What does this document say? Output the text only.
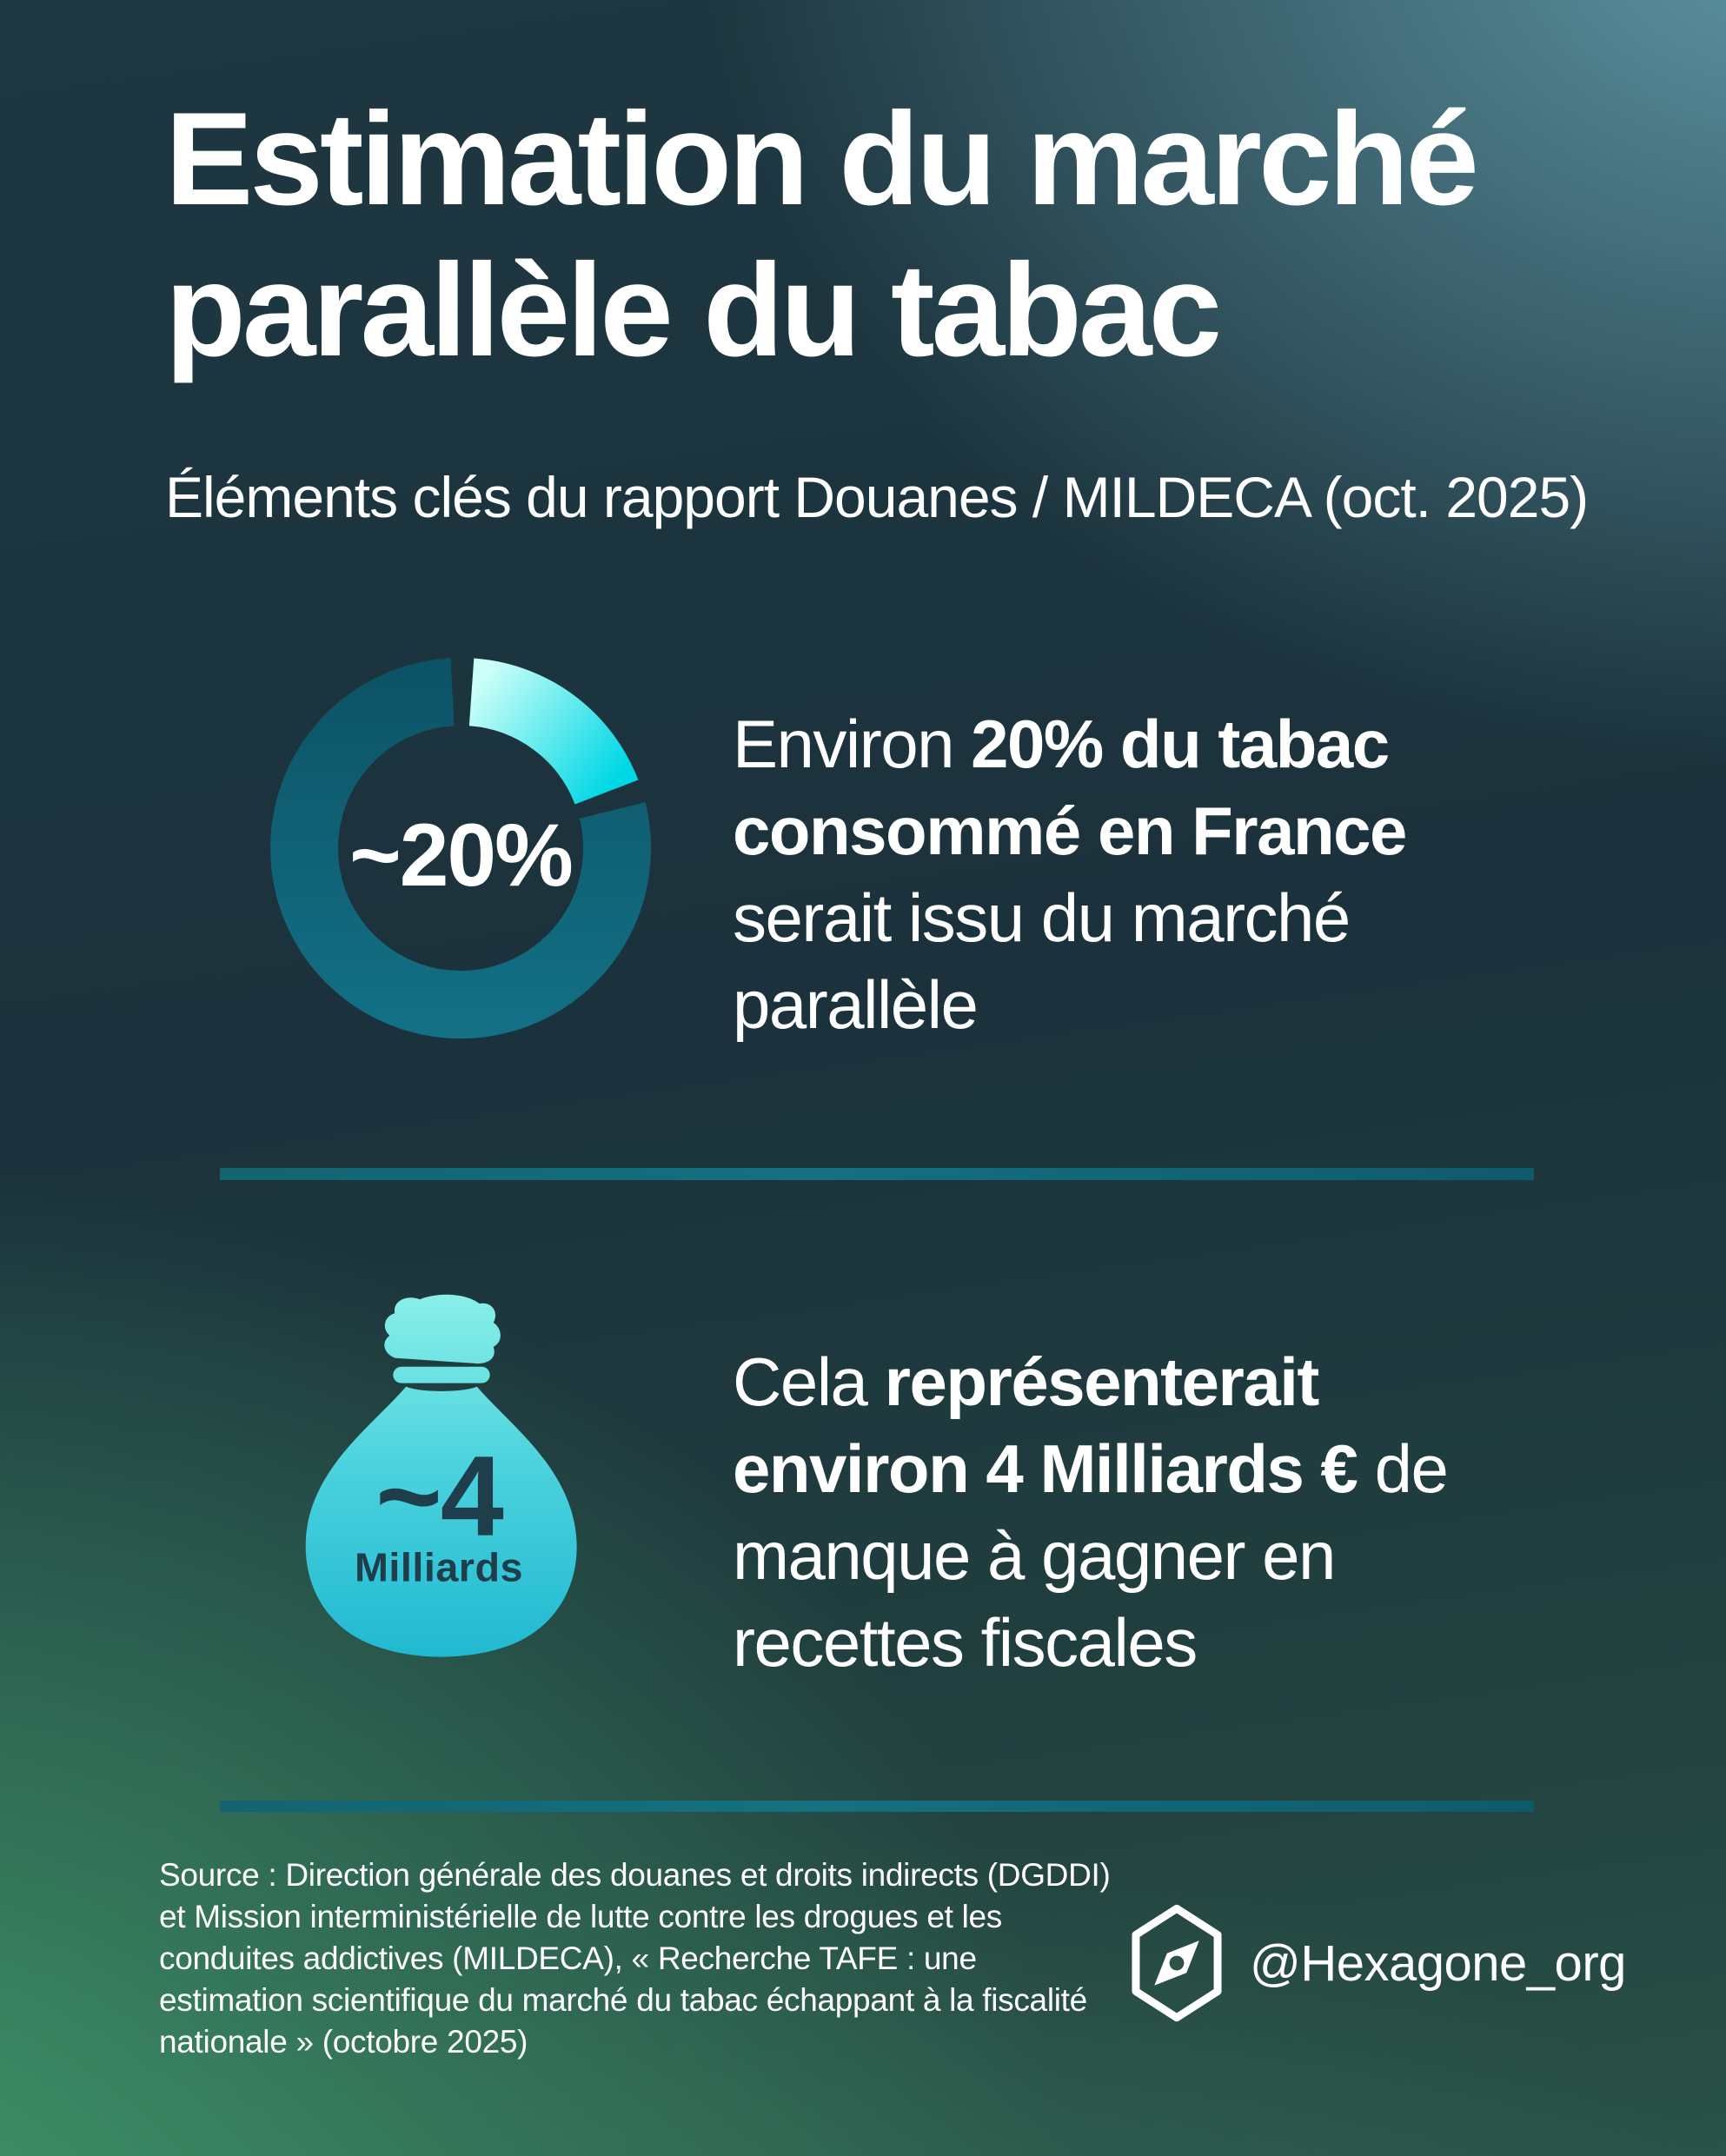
Estimation du marché
parallèle du tabac
Éléments clés du rapport Douanes / MILDECA (oct. 2025)
~20%
Environ 20% du tabac
consommé en France
serait issu du marché
parallèle
~4
Milliards
Cela représenterait
environ 4 Milliards € de
manque à gagner en
recettes fiscales
Source : Direction générale des douanes et droits indirects (DGDDI)
et Mission interministérielle de lutte contre les drogues et les
conduites addictives (MILDECA), « Recherche TAFE : une
estimation scientifique du marché du tabac échappant à la fiscalité
nationale » (octobre 2025)
@Hexagone_org
